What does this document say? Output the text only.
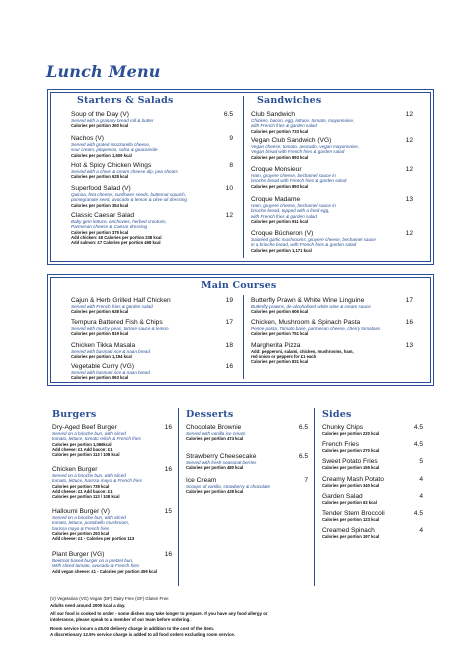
Lunch Menu
Starters & Salads	Sandwiches
Soup of the Day (V)	6.5
Served with a granary bread roll & butter
Calories per portion 360 kcal
Nachos (V)	9
Served with grated mozzarella cheese,
sour cream, jalapenos, salsa & guacamole
Calories per portion 1,609 kcal
Hot & Spicy Chicken Wings	8
Served with a chive & cream cheese dip, pea shoots
Calories per portion 628 kcal
Superfood Salad (V)	10
Quinoa, feta cheese, sunflower seeds, butternut squash,
pomegranate seed, avocado & lemon & olive oil dressing
Calories per portion 354 kcal
Classic Caesar Salad	12
Baby gem lettuce, anchovies, herbed croutons,
Parmesan cheese & Caesar dressing
Calories per portion 375 kcal
Add chicken: £6 Calories per portion 238 kcal
Add salmon: £7 Calories per portion 468 kcal
Club Sandwich	12
Chicken, bacon, egg, lettuce, tomato, mayonnaise,
with French fries & garden salad
Calories per portion 733 kcal
Vegan Club Sandwich (VG)	12
Vegan cheese, tomato, avocado, vegan mayonnaise,
Vegan bread with French fries & garden salad
Calories per portion 893 kcal
Croque Monsieur	12
Ham, gruyere cheese, bechamel sauce in
brioche bread with French fries & garden salad
Calories per portion 893 kcal
Croque Madame	13
Ham, gruyere cheese, bechamel sauce in
brioche bread, topped with a fried egg,
with French fries & garden salad
Calories per portion 911 kcal
Croque Bûcheron (V)	12
Sautéed garlic mushrooms, gruyere cheese, bechamel sauce
in a brioche bread, with French fries & garden salad
Calories per portion 1,171 kcal
Main Courses
Cajun & Herb Grilled Half Chicken	19
Served with French fries & garden salad
Calories per portion 638 kcal
Tempura Battered Fish & Chips	17
Served with mushy peas, tartare sauce & lemon
Calories per portion 819 kcal
Chicken Tikka Masala	18
Served with basmati rice & naan bread
Calories per portion 1,194 kcal
Vegetable Curry (VG)	16
Served with basmati rice & naan bread
Calories per portion 963 kcal
Butterfly Prawn & White Wine Linguine	17
Butterfly prawns, de-alcoholised white wine & cream sauce
Calories per portion 606 kcal
Chicken, Mushroom & Spinach Pasta	16
Penne pasta, Tomato base, parmesan cheese, cherry tomatoes
Calories per portion 751 kcal
Margherita Pizza	13
Add: pepperoni, salami, chicken, mushrooms, ham,
red onion or peppers for £1 each
Calories per portion 831 kcal
Burgers	Desserts	Sides
Dry-Aged Beef Burger	16
Served on a brioche bun, with sliced
tomato, lettuce, tomato relish & French fries
Calories per portion 1,066kcal
Add cheese: £1 Add bacon: £1
Calories per portion 113 / 108 kcal
Chicken Burger	16
Served on a brioche bun, with sliced
tomato, lettuce, harissa mayo & French fries
Calories per portion 739 kcal
Add cheese: £1 Add bacon: £1
Calories per portion 113 / 108 kcal
Halloumi Burger (V)	15
Served on a brioche bun, with sliced
tomato, lettuce, portobello mushroom,
harissa mayo & French fries
Calories per portion 293 kcal
Add cheese: £1 - Calories per portion 113
Plant Burger (VG)	16
Beetroot based burger on a pretzel bun,
With sliced tomato, avocado & French fries
Add vegan cheese: £1 - Calories per portion 459 kcal
Chocolate Brownie	6.5
Served with vanilla ice cream
Calories per portion 474 kcal
Strawberry Cheesecake	6.5
Served with fresh seasonal berries
Calories per portion 480 kcal
Ice Cream	7
Scoops of vanilla, strawberry & chocolate
Calories per portion 438 kcal
Chunky Chips	4.5
Calories per portion 220 kcal
French Fries	4.5
Calories per portion 270 kcal
Sweet Potato Fries	5
Calories per portion 155 kcal
Creamy Mash Potato	4
Calories per portion 340 kcal
Garden Salad	4
Calories per portion 63 kcal
Tender Stem Broccoli	4.5
Calories per portion 123 kcal
Creamed Spinach	4
Calories per portion 197 kcal
(V) Vegetarian (VG) Vegan (DF) Dairy Free (GF) Gluten Free
Adults need around 2000 kcal a day.
All our food is cooked to order - some dishes may take longer to prepare. If you have any food allergy or
intolerance, please speak to a member of our team before ordering.
Room service incurs a £5.00 delivery charge in addition to the cost of the item.
A discretionary 12.5% service charge is added to all food orders excluding room service.
